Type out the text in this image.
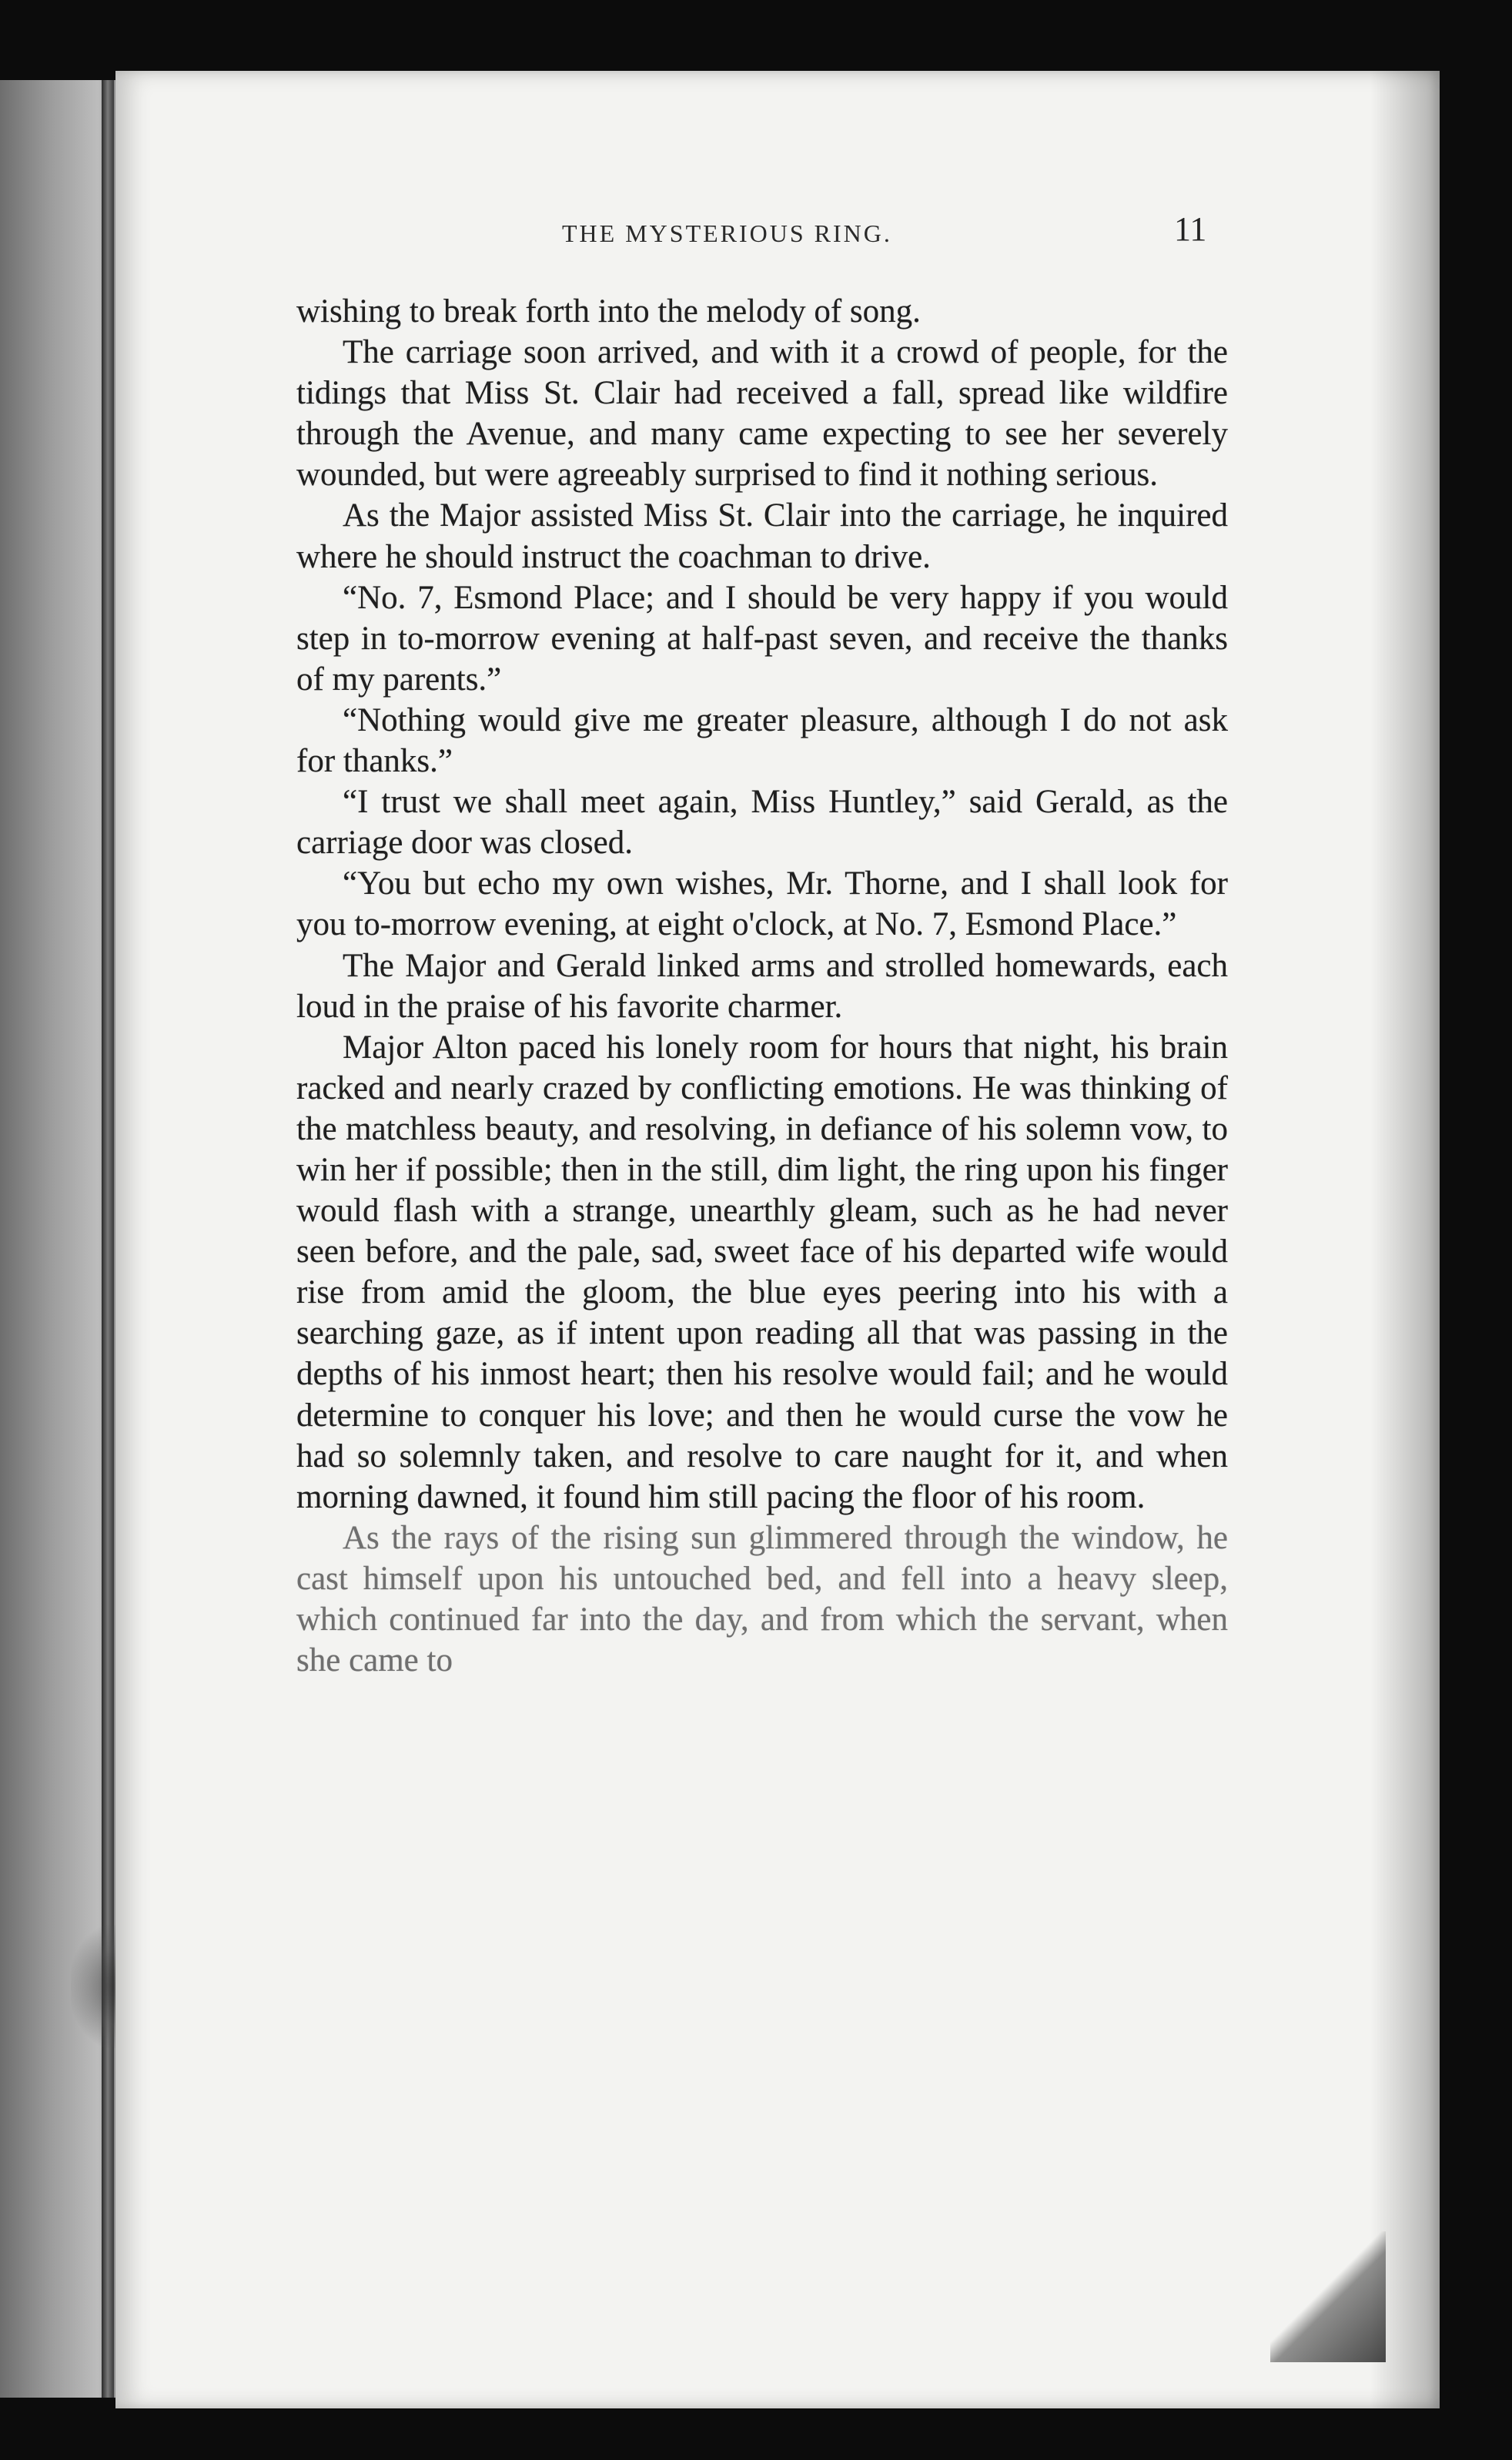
THE MYSTERIOUS RING.	11

wishing to break forth into the melody of song.

The carriage soon arrived, and with it a crowd of people, for the tidings that Miss St. Clair had received a fall, spread like wildfire through the Avenue, and many came expecting to see her severely wounded, but were agreeably surprised to find it nothing serious.

As the Major assisted Miss St. Clair into the carriage, he inquired where he should instruct the coachman to drive.

“No. 7, Esmond Place; and I should be very happy if you would step in to-morrow evening at half-past seven, and receive the thanks of my parents.”

“Nothing would give me greater pleasure, although I do not ask for thanks.”

“I trust we shall meet again, Miss Huntley,” said Gerald, as the carriage door was closed.

“You but echo my own wishes, Mr. Thorne, and I shall look for you to-morrow evening, at eight o'clock, at No. 7, Esmond Place.”

The Major and Gerald linked arms and strolled homewards, each loud in the praise of his favorite charmer.

Major Alton paced his lonely room for hours that night, his brain racked and nearly crazed by conflicting emotions. He was thinking of the matchless beauty, and resolving, in defiance of his solemn vow, to win her if possible; then in the still, dim light, the ring upon his finger would flash with a strange, unearthly gleam, such as he had never seen before, and the pale, sad, sweet face of his departed wife would rise from amid the gloom, the blue eyes peering into his with a searching gaze, as if intent upon reading all that was passing in the depths of his inmost heart; then his resolve would fail; and he would determine to conquer his love; and then he would curse the vow he had so solemnly taken, and resolve to care naught for it, and when morning dawned, it found him still pacing the floor of his room.

As the rays of the rising sun glimmered through the window, he cast himself upon his untouched bed, and fell into a heavy sleep, which continued far into the day, and from which the servant, when she came to
